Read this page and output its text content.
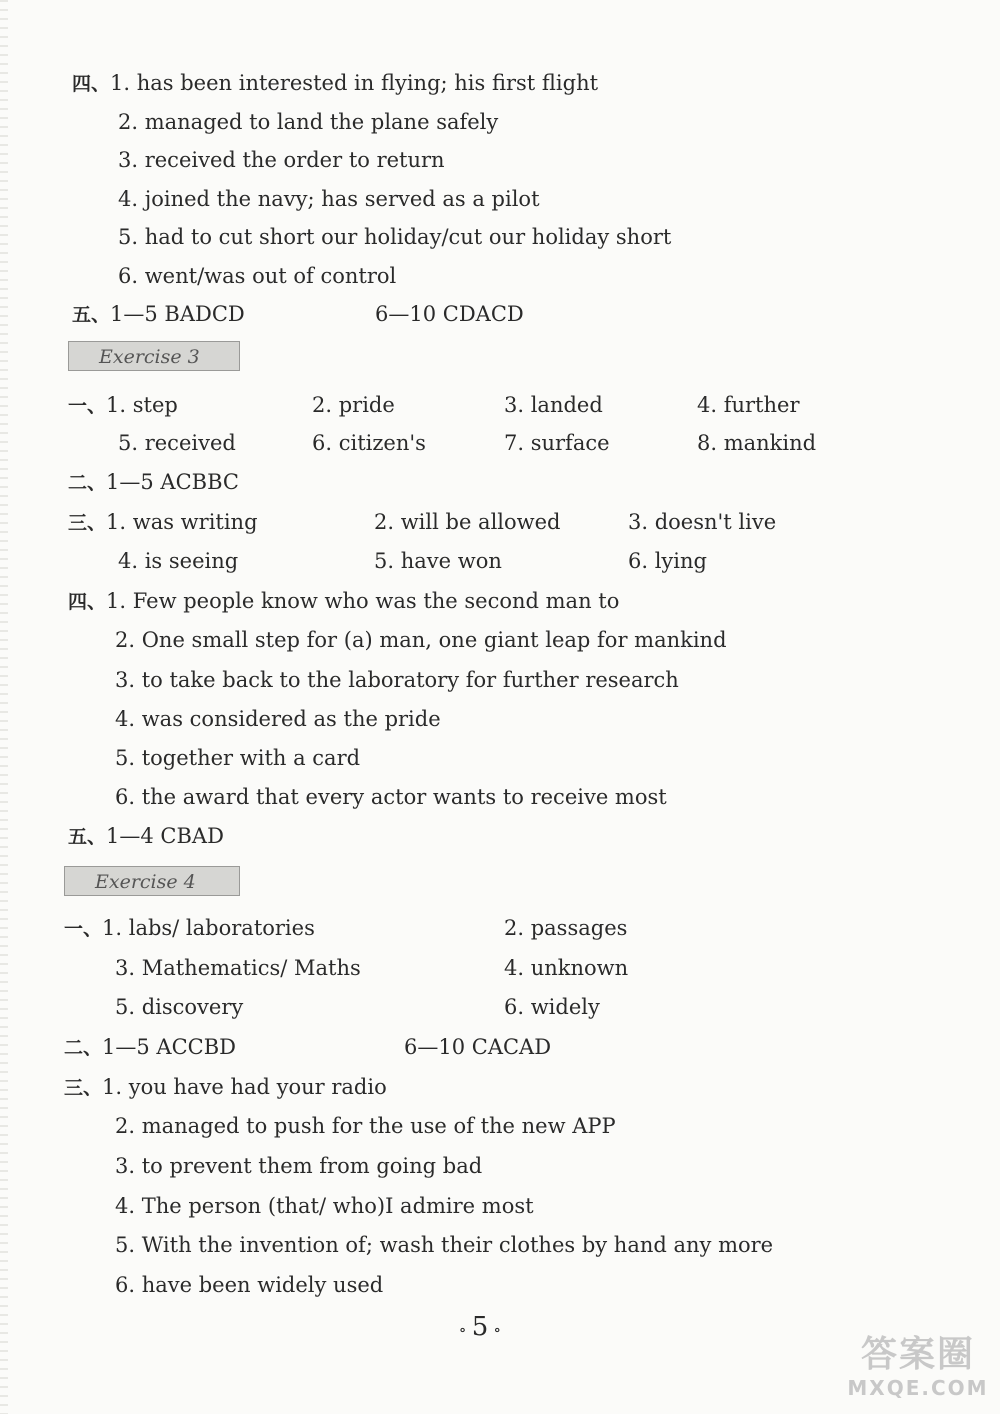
四、1. has been interested in flying; his first flight
2. managed to land the plane safely
3. received the order to return
4. joined the navy; has served as a pilot
5. had to cut short our holiday/cut our holiday short
6. went/was out of control
五、1—5 BADCD	6—10 CDACD
Exercise 3
一、1. step	2. pride	3. landed	4. further
5. received	6. citizen's	7. surface	8. mankind
二、1—5 ACBBC
三、1. was writing	2. will be allowed	3. doesn't live
4. is seeing	5. have won	6. lying
四、1. Few people know who was the second man to
2. One small step for (a) man, one giant leap for mankind
3. to take back to the laboratory for further research
4. was considered as the pride
5. together with a card
6. the award that every actor wants to receive most
五、1—4 CBAD
Exercise 4
一、1. labs/ laboratories	2. passages
3. Mathematics/ Maths	4. unknown
5. discovery	6. widely
二、1—5 ACCBD	6—10 CACAD
三、1. you have had your radio
2. managed to push for the use of the new APP
3. to prevent them from going bad
4. The person (that/ who)I admire most
5. With the invention of; wash their clothes by hand any more
6. have been widely used
∘ 5 ∘
答案圈
MXQE.COM
